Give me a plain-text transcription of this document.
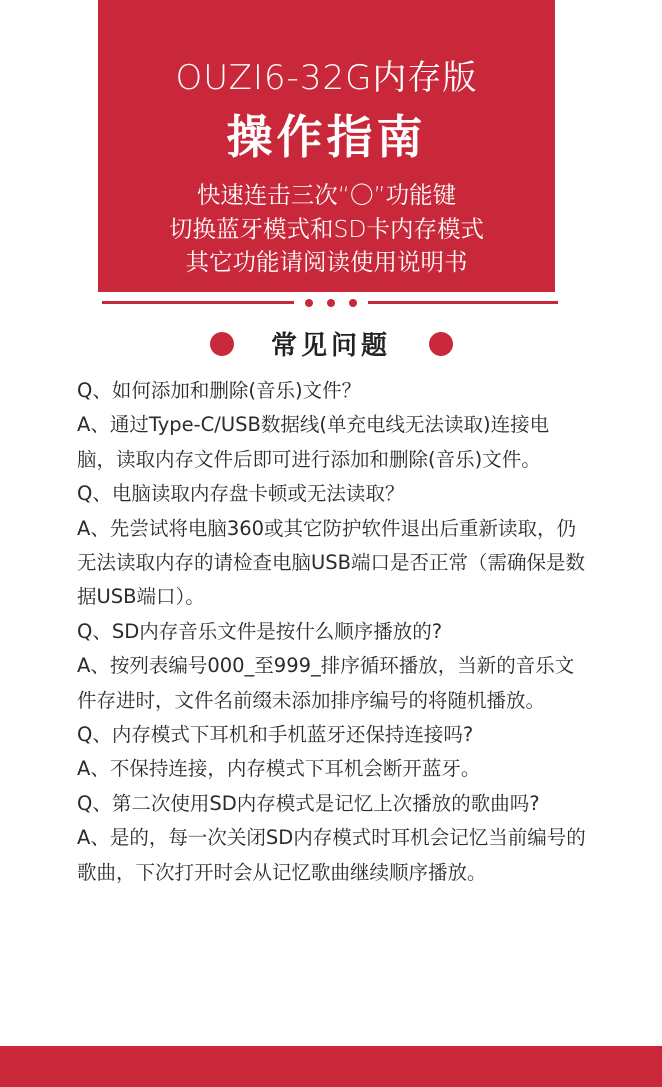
OUZI6-32G内存版
操作指南
快速连击三次“〇”功能键
切换蓝牙模式和SD卡内存模式
其它功能请阅读使用说明书
常见问题

Q、如何添加和删除(音乐)文件？

A、通过Type-C/USB数据线(单充电线无法读取)连接电脑，读取内存文件后即可进行添加和删除(音乐)文件。

Q、电脑读取内存盘卡顿或无法读取？

A、先尝试将电脑360或其它防护软件退出后重新读取，仍无法读取内存的请检查电脑USB端口是否正常（需确保是数据USB端口）。

Q、SD内存音乐文件是按什么顺序播放的?

A、按列表编号000_至999_排序循环播放，当新的音乐文件存进时，文件名前缀未添加排序编号的将随机播放。

Q、内存模式下耳机和手机蓝牙还保持连接吗?

A、不保持连接，内存模式下耳机会断开蓝牙。

Q、第二次使用SD内存模式是记忆上次播放的歌曲吗?

A、是的，每一次关闭SD内存模式时耳机会记忆当前编号的歌曲，下次打开时会从记忆歌曲继续顺序播放。
